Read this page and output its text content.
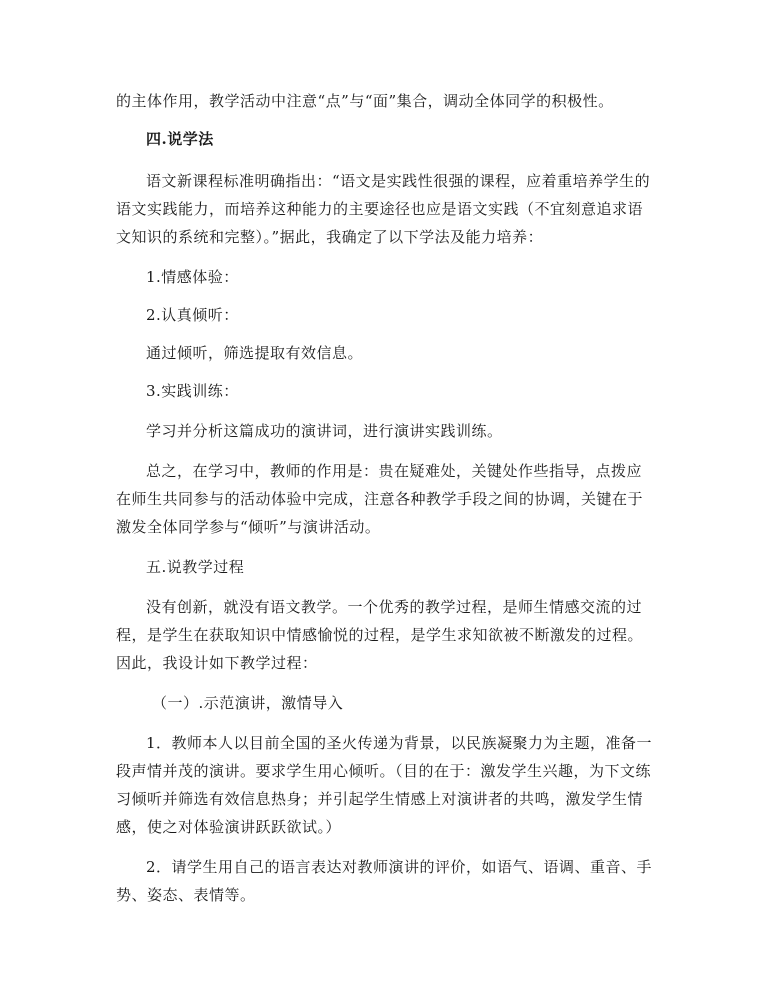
的主体作用，教学活动中注意“点”与“面”集合，调动全体同学的积极性。
四.说学法
语文新课程标准明确指出：“语文是实践性很强的课程，应着重培养学生的
语文实践能力，而培养这种能力的主要途径也应是语文实践（不宜刻意追求语
文知识的系统和完整）。”据此，我确定了以下学法及能力培养：
1.情感体验：
2.认真倾听：
通过倾听，筛选提取有效信息。
3.实践训练：
学习并分析这篇成功的演讲词，进行演讲实践训练。
总之，在学习中，教师的作用是：贵在疑难处，关键处作些指导，点拨应
在师生共同参与的活动体验中完成，注意各种教学手段之间的协调，关键在于
激发全体同学参与“倾听”与演讲活动。
五.说教学过程
没有创新，就没有语文教学。一个优秀的教学过程，是师生情感交流的过
程，是学生在获取知识中情感愉悦的过程，是学生求知欲被不断激发的过程。
因此，我设计如下教学过程：
（一）.示范演讲，激情导入
1．教师本人以目前全国的圣火传递为背景，以民族凝聚力为主题，准备一
段声情并茂的演讲。要求学生用心倾听。（目的在于：激发学生兴趣，为下文练
习倾听并筛选有效信息热身；并引起学生情感上对演讲者的共鸣，激发学生情
感，使之对体验演讲跃跃欲试。）
2．请学生用自己的语言表达对教师演讲的评价，如语气、语调、重音、手
势、姿态、表情等。
